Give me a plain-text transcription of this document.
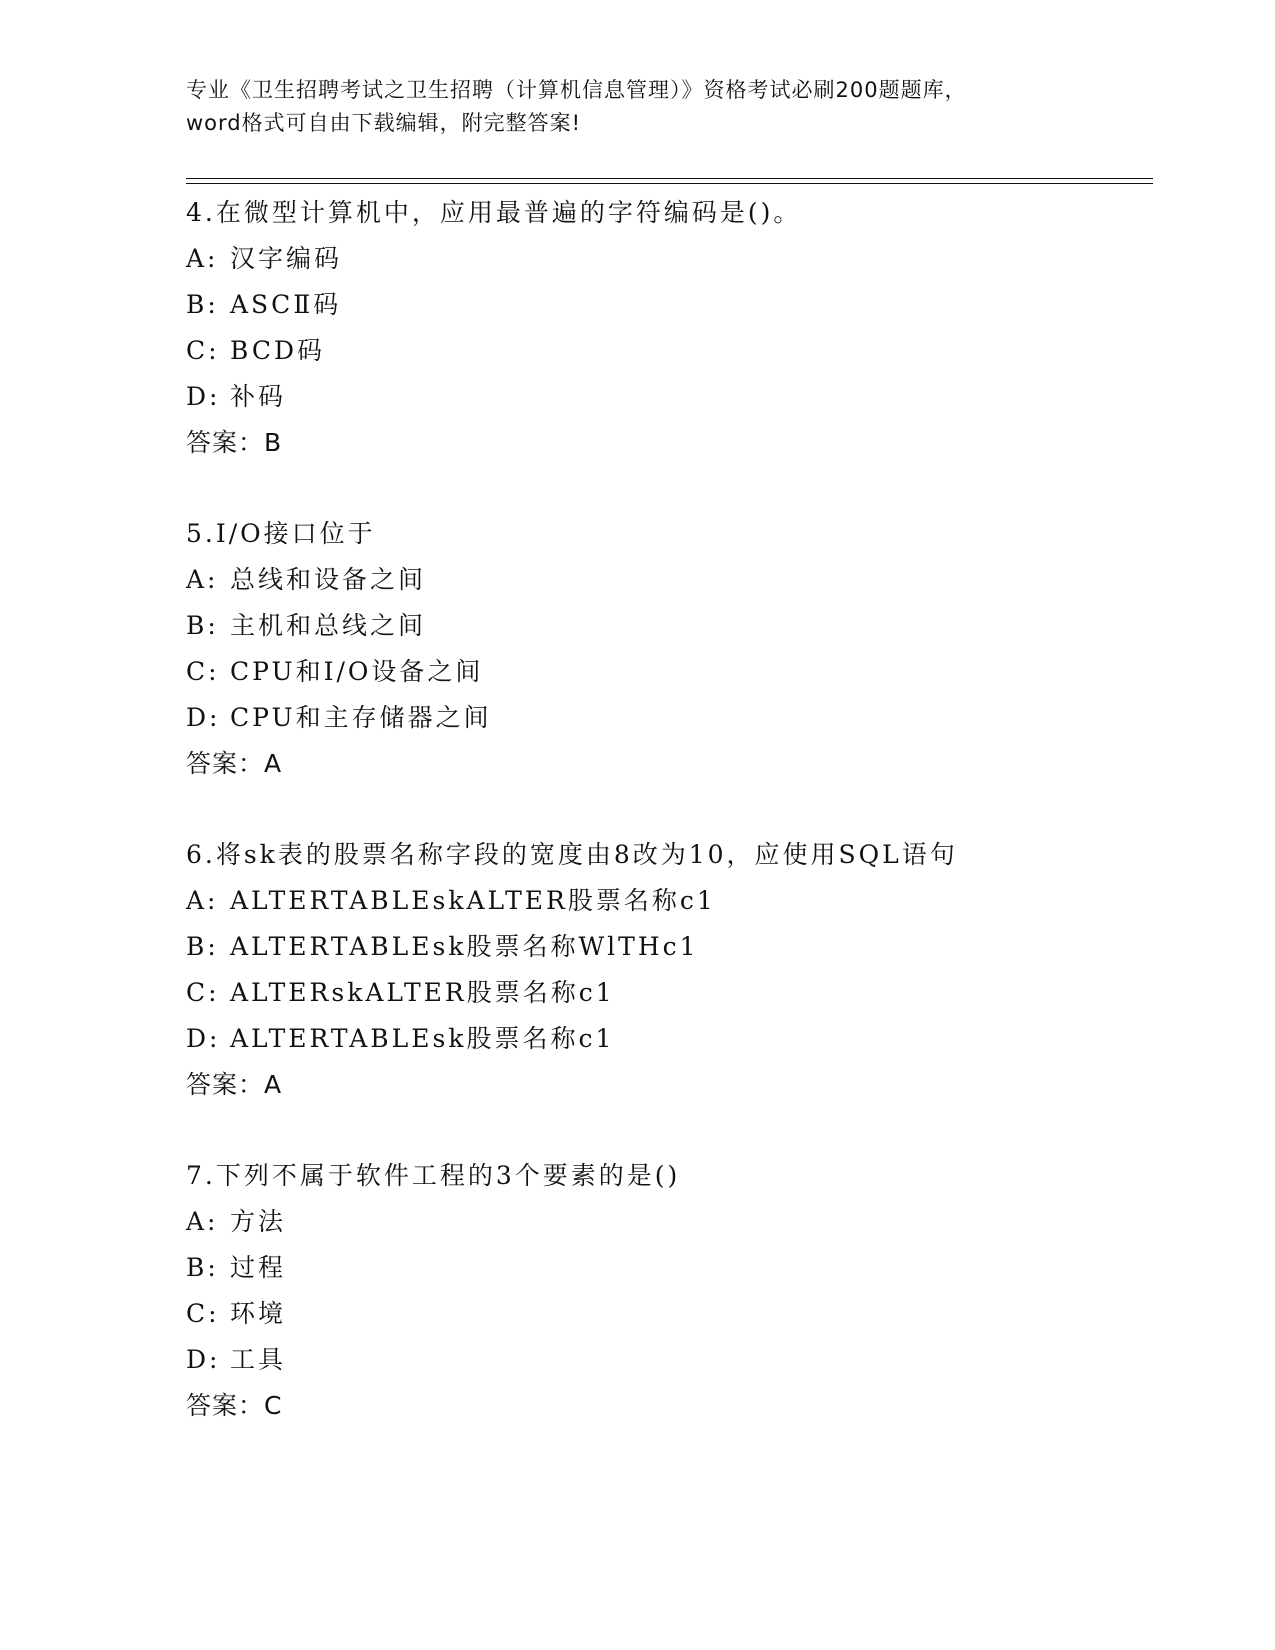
专业《卫生招聘考试之卫生招聘（计算机信息管理）》资格考试必刷200题题库，
word格式可自由下载编辑，附完整答案!
4.在微型计算机中，应用最普遍的字符编码是()。
A: 汉字编码
B: ASCⅡ码
C: BCD码
D: 补码
答案：B
5.I/O接口位于
A: 总线和设备之间
B: 主机和总线之间
C: CPU和I/O设备之间
D: CPU和主存储器之间
答案：A
6.将sk表的股票名称字段的宽度由8改为10，应使用SQL语句
A: ALTERTABLEskALTER股票名称c1
B: ALTERTABLEsk股票名称WlTHc1
C: ALTERskALTER股票名称c1
D: ALTERTABLEsk股票名称c1
答案：A
7.下列不属于软件工程的3个要素的是()
A: 方法
B: 过程
C: 环境
D: 工具
答案：C
